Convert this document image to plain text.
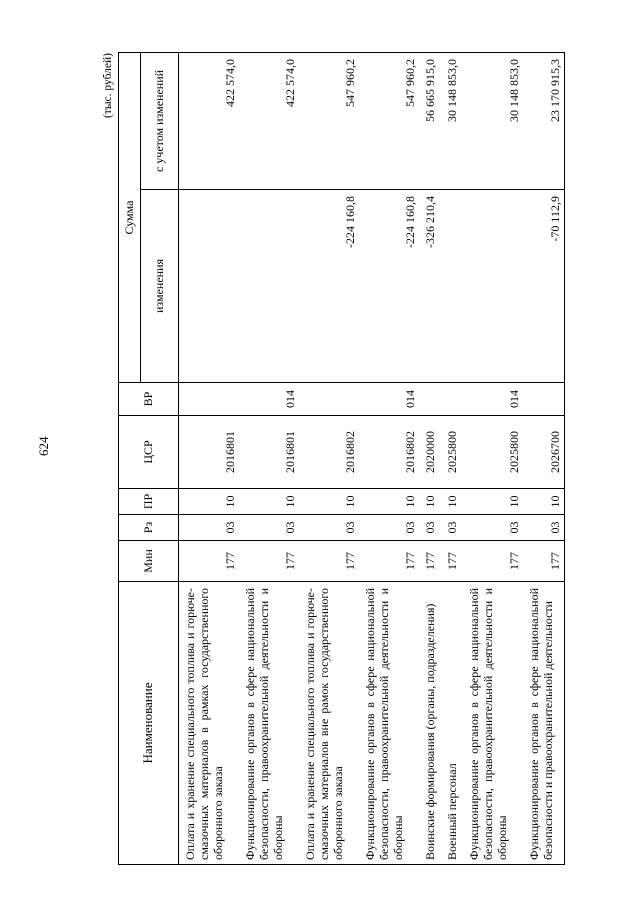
624
(тыс. рублей)
Наименование	Мин	Рз	ПР	ЦСР	ВР	Сумма	
						изменения	с учетом изменений
Оплата и хранение специального топлива и горюче-смазочных материалов в рамках государственного оборонного заказа	177	03	10	2016801			422 574,0
Функционирование органов в сфере национальной безопасности, правоохранительной деятельности и обороны	177	03	10	2016801	014		422 574,0
Оплата и хранение специального топлива и горюче-смазочных материалов вне рамок государственного оборонного заказа	177	03	10	2016802		-224 160,8	547 960,2
Функционирование органов в сфере национальной безопасности, правоохранительной деятельности и обороны	177	03	10	2016802	014	-224 160,8	547 960,2
Воинские формирования (органы, подразделения)	177	03	10	2020000		-326 210,4	56 665 915,0
Военный персонал	177	03	10	2025800			30 148 853,0
Функционирование органов в сфере национальной безопасности, правоохранительной деятельности и обороны	177	03	10	2025800	014		30 148 853,0
Функционирование органов в сфере национальной безопасности и правоохранительной деятельности	177	03	10	2026700		-70 112,9	23 170 915,3
